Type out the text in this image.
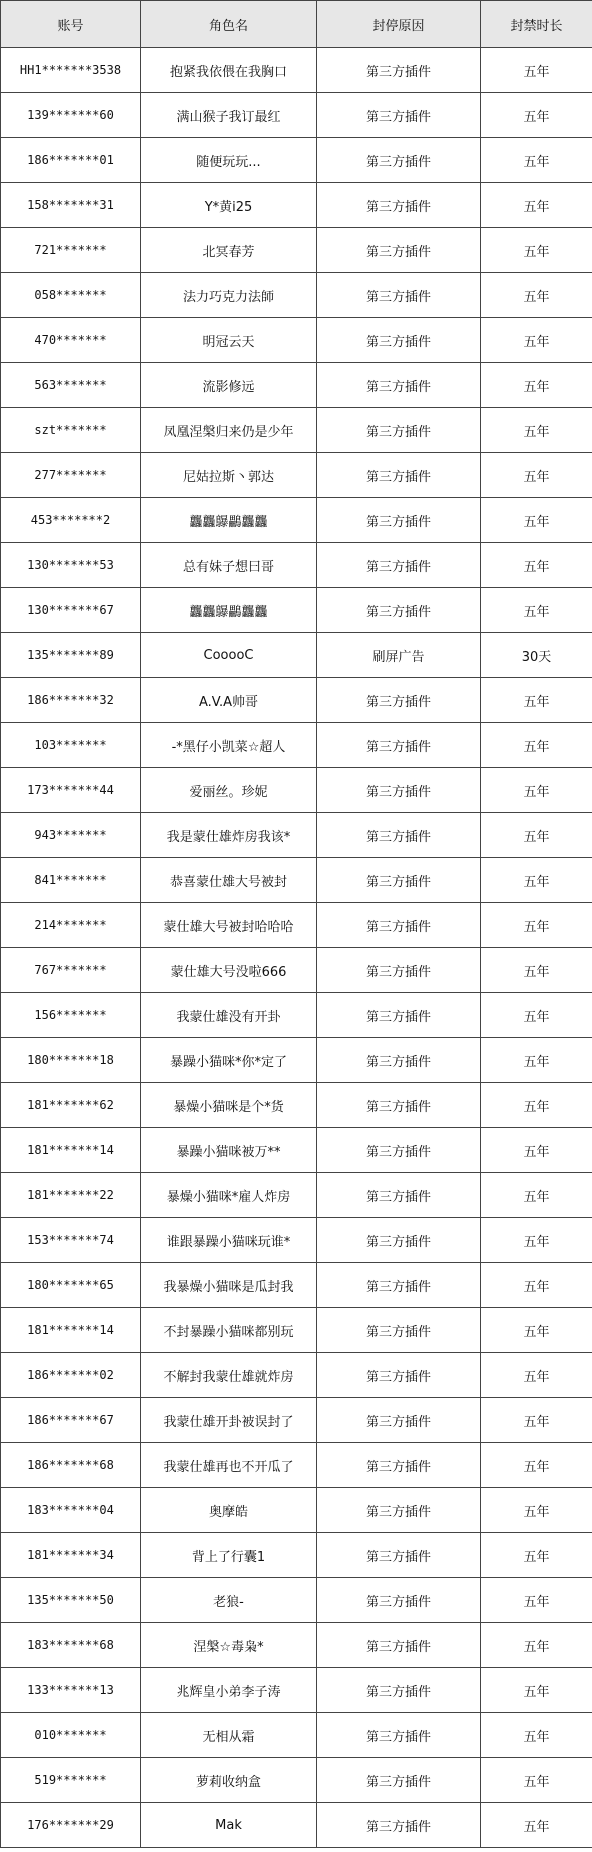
账号	角色名	封停原因	封禁时长
HH1*******3538	抱紧我依偎在我胸口	第三方插件	五年
139*******60	满山猴子我订最红	第三方插件	五年
186*******01	随便玩玩...	第三方插件	五年
158*******31	Y*黄i25	第三方插件	五年
721*******	北冥春芳	第三方插件	五年
058*******	法力巧克力法師	第三方插件	五年
470*******	明冠云天	第三方插件	五年
563*******	流影修远	第三方插件	五年
szt*******	凤凰涅槃归来仍是少年	第三方插件	五年
277*******	尼姑拉斯丶郭达	第三方插件	五年
453*******2	龘龘鸔鸓龘龘	第三方插件	五年
130*******53	总有妹子想曰哥	第三方插件	五年
130*******67	龘龘鸔鸓龘龘	第三方插件	五年
135*******89	CooooC	刷屏广告	30天
186*******32	A.V.A帅哥	第三方插件	五年
103*******	-*黑仔小凯菜☆超人	第三方插件	五年
173*******44	爱丽丝。珍妮	第三方插件	五年
943*******	我是蒙仕雄炸房我该*	第三方插件	五年
841*******	恭喜蒙仕雄大号被封	第三方插件	五年
214*******	蒙仕雄大号被封哈哈哈	第三方插件	五年
767*******	蒙仕雄大号没啦666	第三方插件	五年
156*******	我蒙仕雄没有开卦	第三方插件	五年
180*******18	暴躁小猫咪*你*定了	第三方插件	五年
181*******62	暴燥小猫咪是个*货	第三方插件	五年
181*******14	暴躁小猫咪被万**	第三方插件	五年
181*******22	暴燥小猫咪*雇人炸房	第三方插件	五年
153*******74	谁跟暴躁小猫咪玩谁*	第三方插件	五年
180*******65	我暴燥小猫咪是瓜封我	第三方插件	五年
181*******14	不封暴躁小猫咪都别玩	第三方插件	五年
186*******02	不解封我蒙仕雄就炸房	第三方插件	五年
186*******67	我蒙仕雄开卦被误封了	第三方插件	五年
186*******68	我蒙仕雄再也不开瓜了	第三方插件	五年
183*******04	奥摩皓	第三方插件	五年
181*******34	背上了行囊1	第三方插件	五年
135*******50	老狼-	第三方插件	五年
183*******68	涅槃☆毒枭*	第三方插件	五年
133*******13	兆辉皇小弟李子涛	第三方插件	五年
010*******	无相从霜	第三方插件	五年
519*******	萝莉收纳盒	第三方插件	五年
176*******29	Mak	第三方插件	五年
